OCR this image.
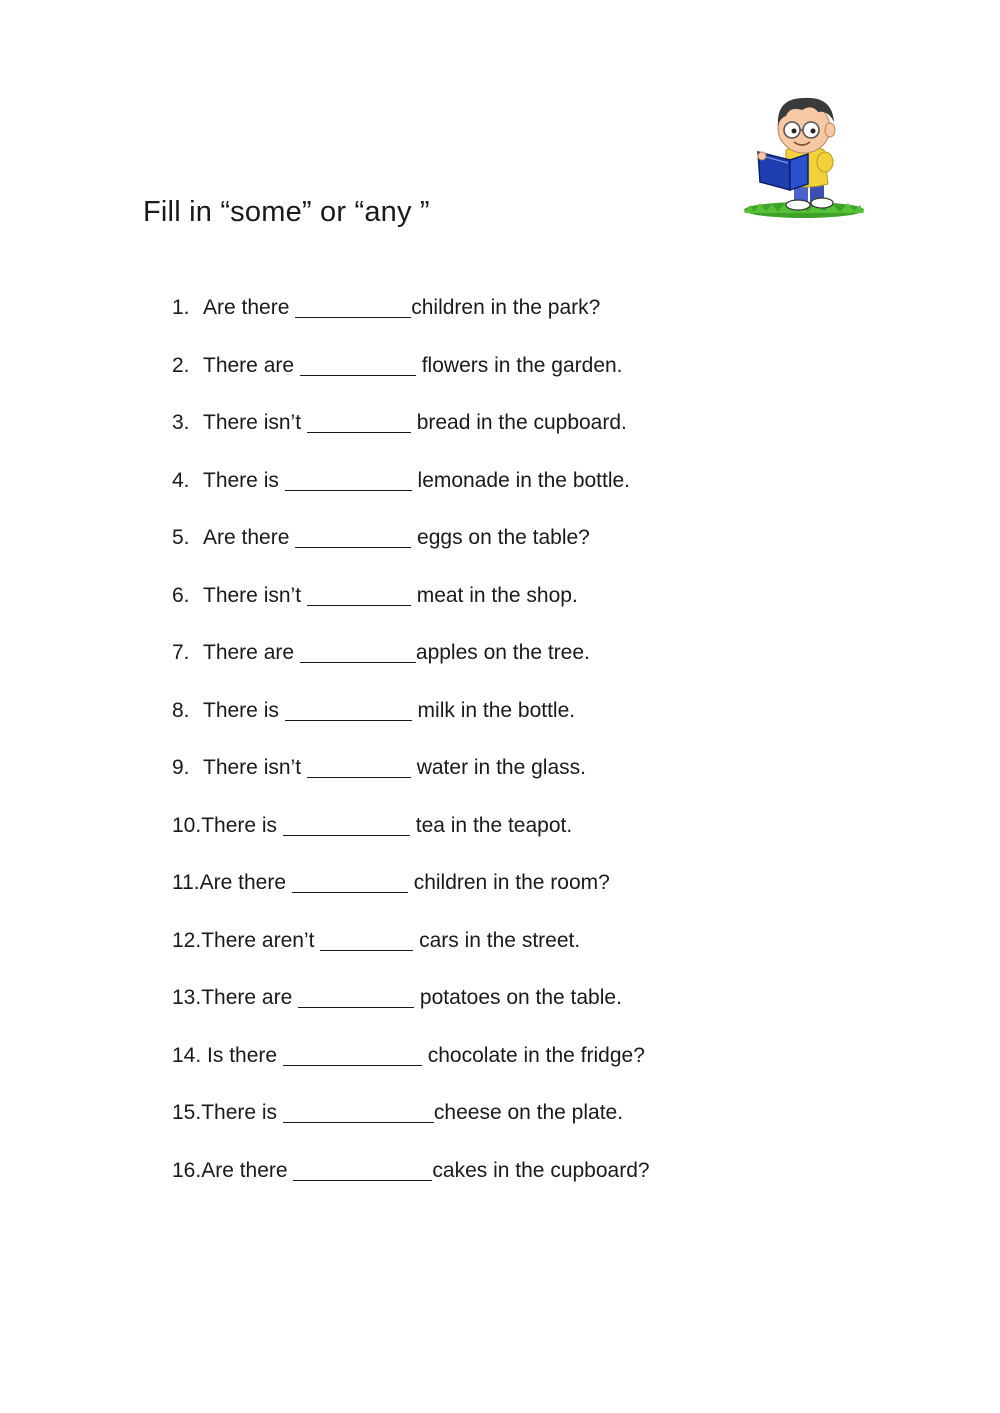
Fill in “some” or “any ”
1. Are there	children in the park?
2. There are	flowers in the garden.
3. There isn’t	bread in the cupboard.
4. There is	lemonade in the bottle.
5. Are there	eggs on the table?
6. There isn’t	meat in the shop.
7. There are	apples on the tree.
8. There is	milk in the bottle.
9. There isn’t	water in the glass.
10. There is	tea in the teapot.
11. Are there	children in the room?
12. There aren’t	cars in the street.
13. There are	potatoes on the table.
14. Is there	chocolate in the fridge?
15. There is	cheese on the plate.
16. Are there	cakes in the cupboard?
